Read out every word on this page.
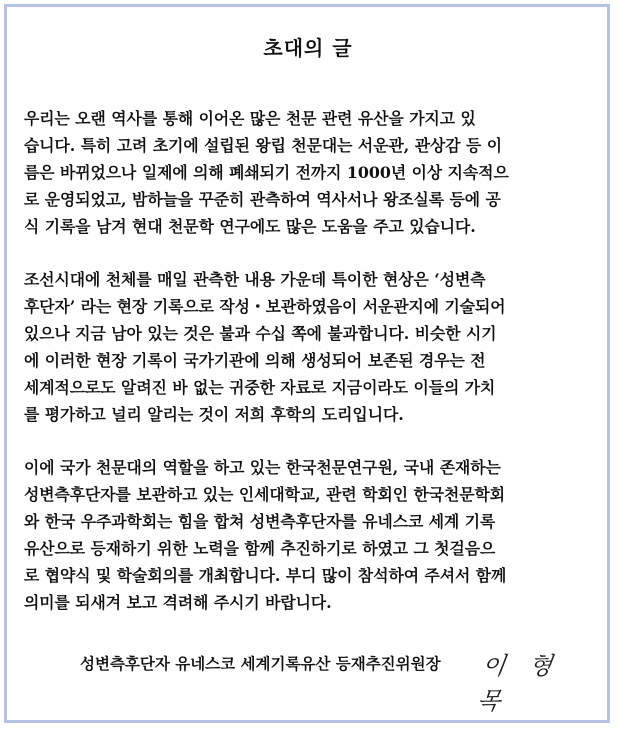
초대의 글

우리는 오랜 역사를 통해 이어온 많은 천문 관련 유산을 가지고 있

습니다. 특히 고려 초기에 설립된 왕립 천문대는 서운관, 관상감 등 이

름은 바뀌었으나 일제에 의해 폐쇄되기 전까지 1000년 이상 지속적으

로 운영되었고, 밤하늘을 꾸준히 관측하여 역사서나 왕조실록 등에 공

식 기록을 남겨 현대 천문학 연구에도 많은 도움을 주고 있습니다.

조선시대에 천체를 매일 관측한 내용 가운데 특이한 현상은 ‘성변측

후단자’ 라는 현장 기록으로 작성・보관하였음이 서운관지에 기술되어

있으나 지금 남아 있는 것은 불과 수십 쪽에 불과합니다. 비슷한 시기

에 이러한 현장 기록이 국가기관에 의해 생성되어 보존된 경우는 전

세계적으로도 알려진 바 없는 귀중한 자료로 지금이라도 이들의 가치

를 평가하고 널리 알리는 것이 저희 후학의 도리입니다.

이에 국가 천문대의 역할을 하고 있는 한국천문연구원, 국내 존재하는

성변측후단자를 보관하고 있는 인세대학교, 관련 학회인 한국천문학회

와 한국 우주과학회는 힘을 합쳐 성변측후단자를 유네스코 세계 기록

유산으로 등재하기 위한 노력을 함께 추진하기로 하였고 그 첫걸음으

로 협약식 및 학술회의를 개최합니다. 부디 많이 참석하여 주셔서 함께

의미를 되새겨 보고 격려해 주시기 바랍니다.

성변측후단자 유네스코 세계기록유산 등재추진위원장 이 형 목
